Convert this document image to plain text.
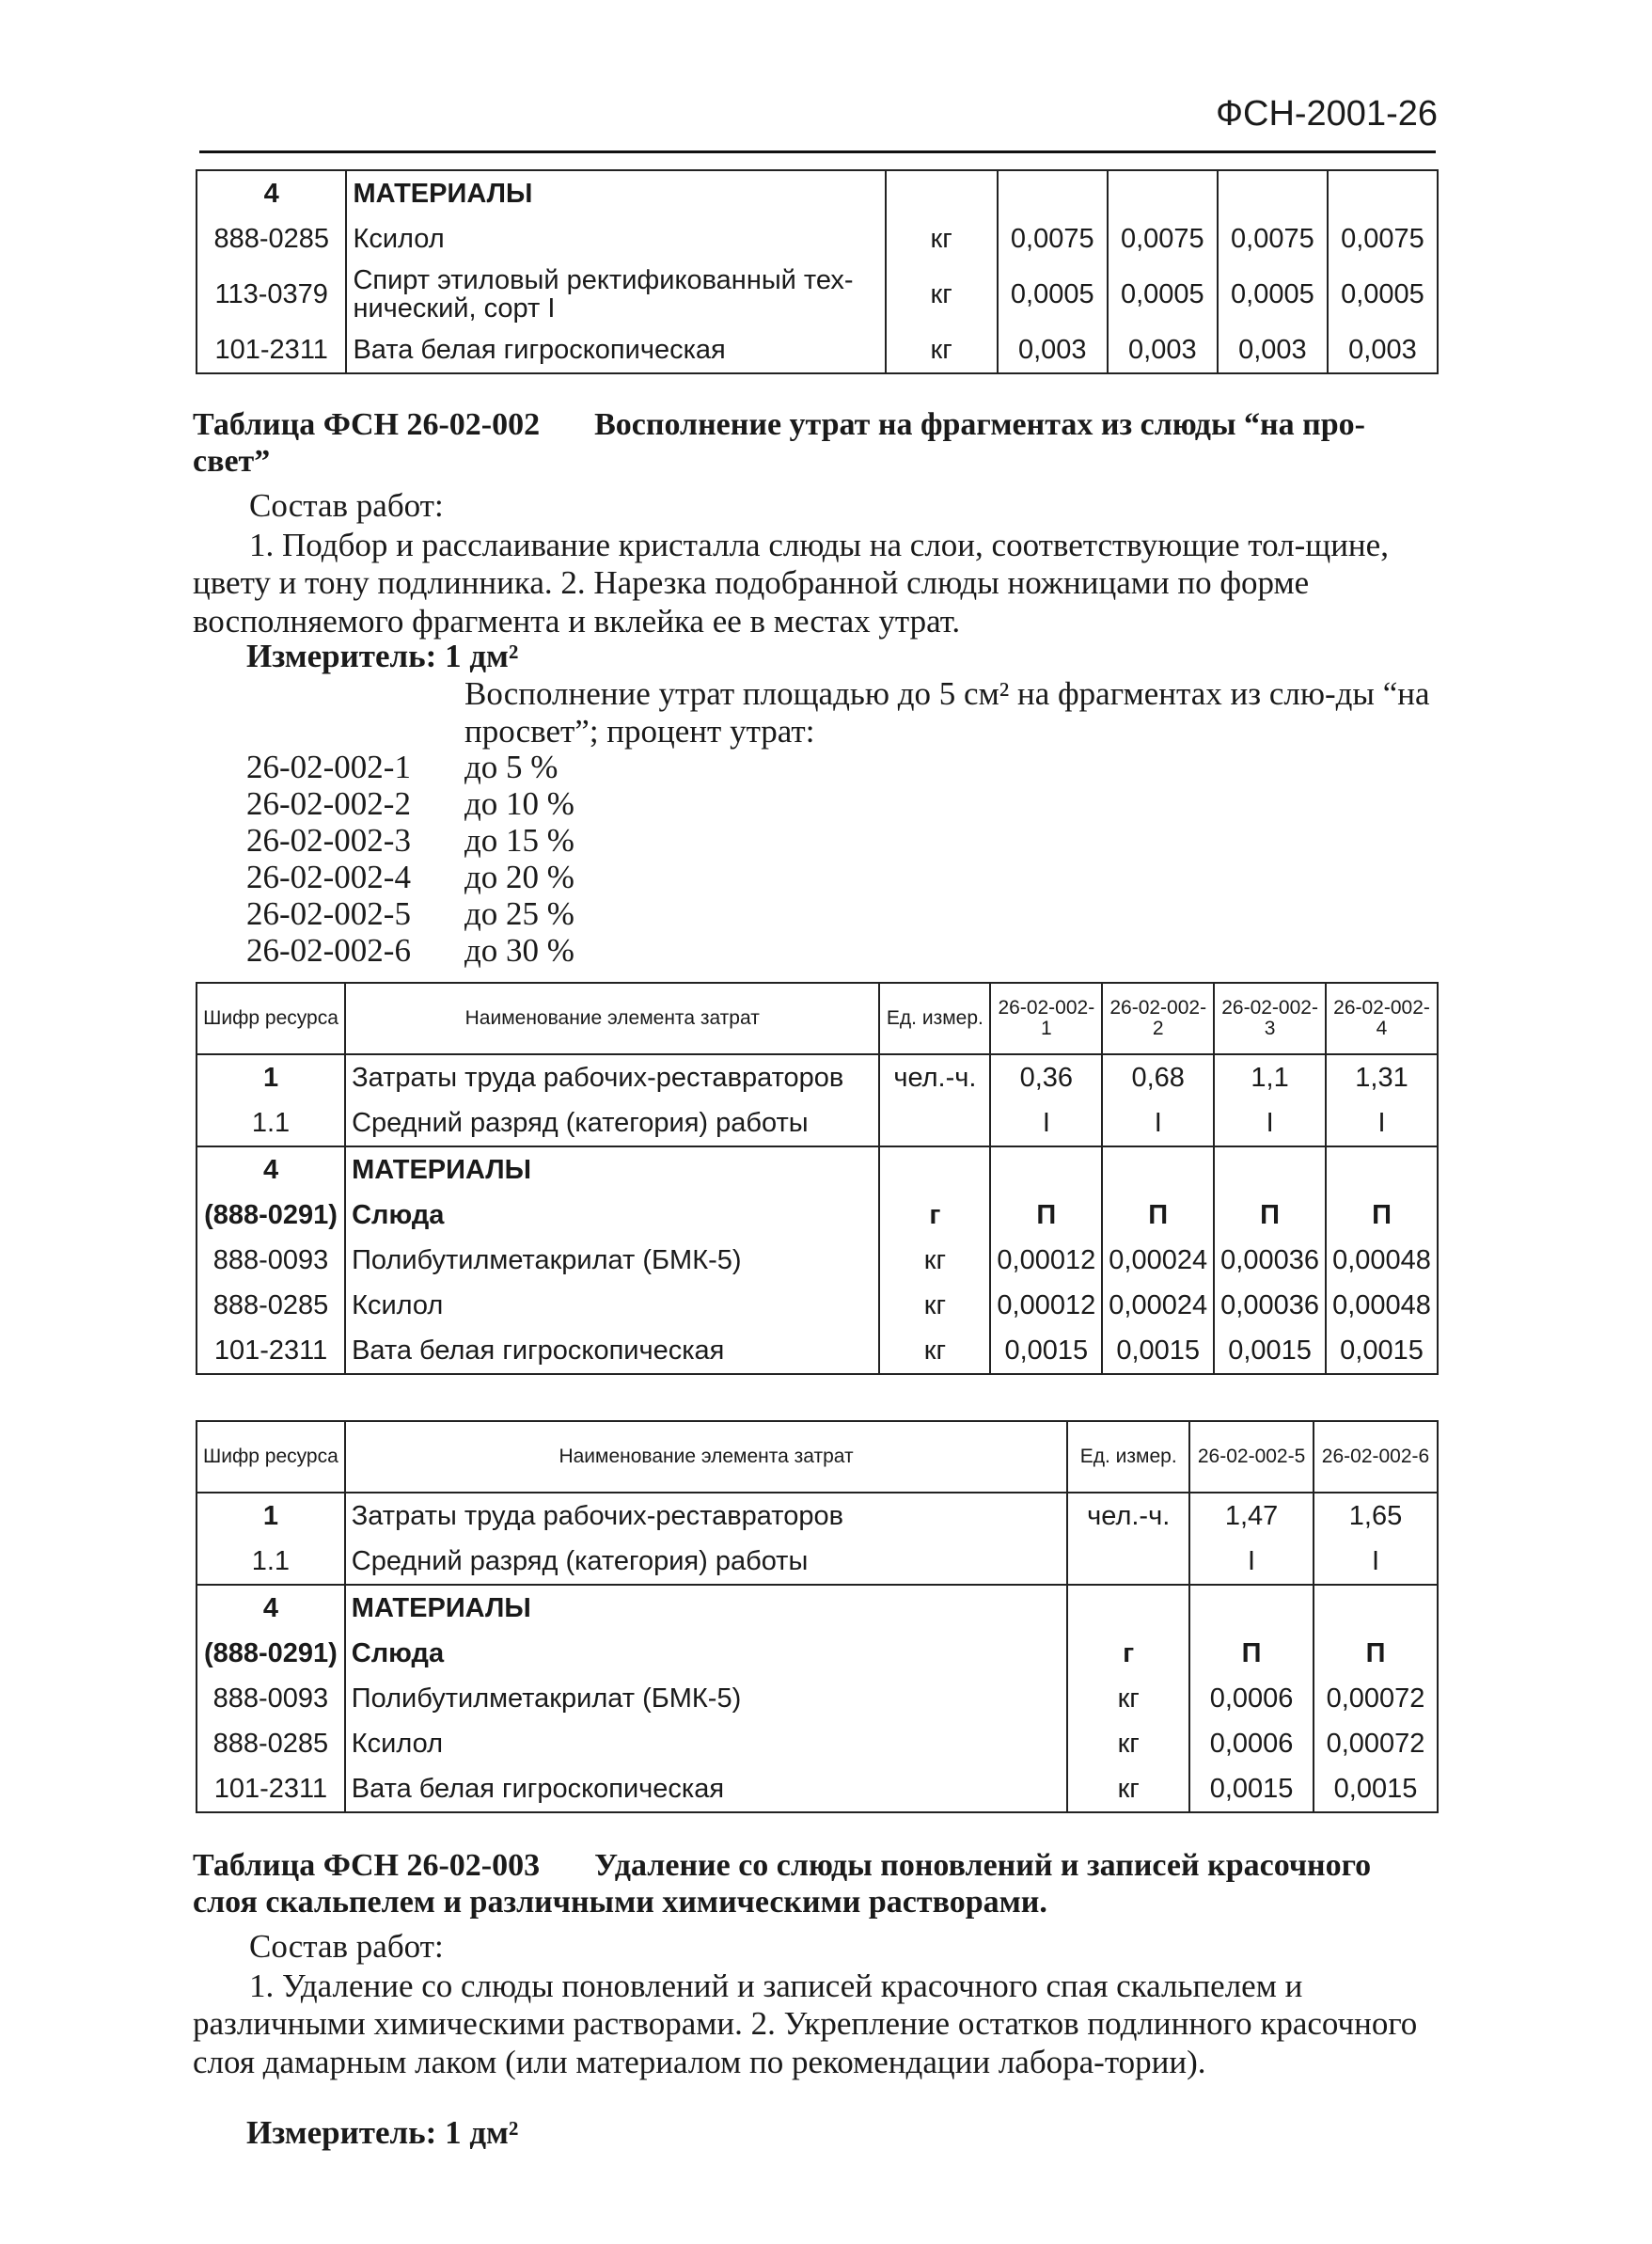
ФСН-2001-26
4	МАТЕРИАЛЫ					
888-0285	Ксилол	кг	0,0075	0,0075	0,0075	0,0075
113-0379	Спирт этиловый ректификованный тех-нический, сорт I	кг	0,0005	0,0005	0,0005	0,0005
101-2311	Вата белая гигроскопическая	кг	0,003	0,003	0,003	0,003
Таблица ФСН 26-02-002 Восполнение утрат на фрагментах из слюды “на про-свет”
Состав работ:
1. Подбор и расслаивание кристалла слюды на слои, соответствующие тол-щине, цвету и тону подлинника. 2. Нарезка подобранной слюды ножницами по форме восполняемого фрагмента и вклейка ее в местах утрат.
Измеритель: 1 дм²
Восполнение утрат площадью до 5 см² на фрагментах из слю-ды “на просвет”; процент утрат:
26-02-002-1 до 5 %
26-02-002-2 до 10 %
26-02-002-3 до 15 %
26-02-002-4 до 20 %
26-02-002-5 до 25 %
26-02-002-6 до 30 %
Шифр ресурса	Наименование элемента затрат	Ед. измер.	26-02-002-1	26-02-002-2	26-02-002-3	26-02-002-4
1	Затраты труда рабочих-реставраторов	чел.-ч.	0,36	0,68	1,1	1,31
1.1	Средний разряд (категория) работы		I	I	I	I
4	МАТЕРИАЛЫ					
(888-0291)	Слюда	г	П	П	П	П
888-0093	Полибутилметакрилат (БМК-5)	кг	0,00012	0,00024	0,00036	0,00048
888-0285	Ксилол	кг	0,00012	0,00024	0,00036	0,00048
101-2311	Вата белая гигроскопическая	кг	0,0015	0,0015	0,0015	0,0015
Шифр ресурса	Наименование элемента затрат	Ед. измер.	26-02-002-5	26-02-002-6
1	Затраты труда рабочих-реставраторов	чел.-ч.	1,47	1,65
1.1	Средний разряд (категория) работы		I	I
4	МАТЕРИАЛЫ			
(888-0291)	Слюда	г	П	П
888-0093	Полибутилметакрилат (БМК-5)	кг	0,0006	0,00072
888-0285	Ксилол	кг	0,0006	0,00072
101-2311	Вата белая гигроскопическая	кг	0,0015	0,0015
Таблица ФСН 26-02-003 Удаление со слюды поновлений и записей красочного слоя скальпелем и различными химическими растворами.
Состав работ:
1. Удаление со слюды поновлений и записей красочного спая скальпелем и различными химическими растворами. 2. Укрепление остатков подлинного красочного слоя дамарным лаком (или материалом по рекомендации лабора-тории).
Измеритель: 1 дм²
